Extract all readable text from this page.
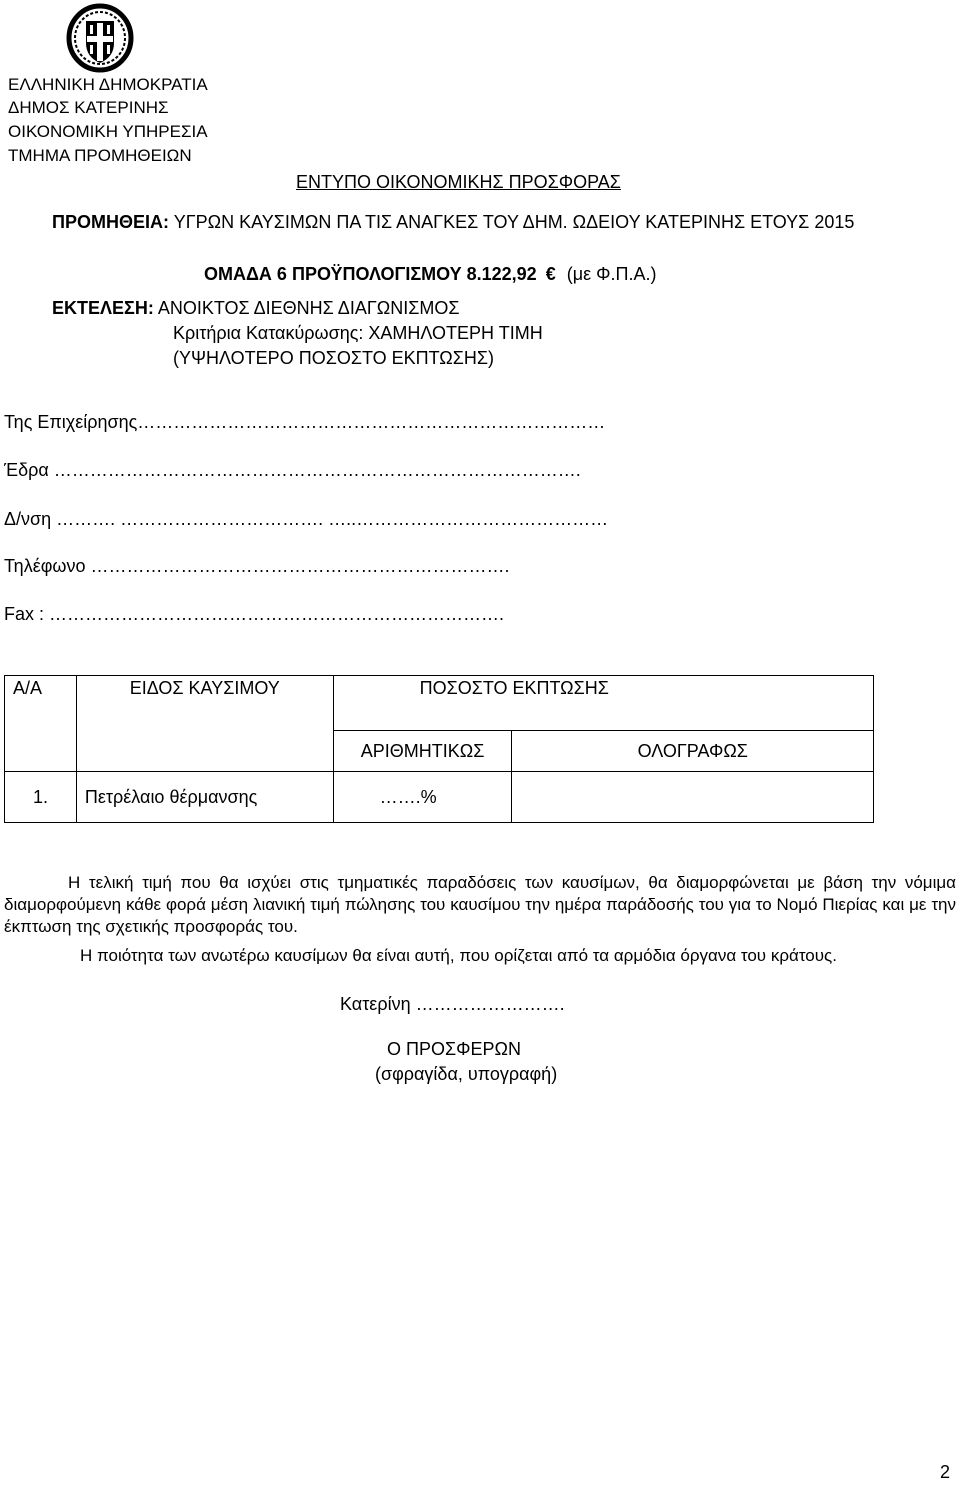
ΕΛΛΗΝΙΚΗ ΔΗΜΟΚΡΑΤΙΑ
ΔΗΜΟΣ ΚΑΤΕΡΙΝΗΣ
ΟΙΚΟΝΟΜΙΚΗ ΥΠΗΡΕΣΙΑ
ΤΜΗΜΑ ΠΡΟΜΗΘΕΙΩΝ
ΕΝΤΥΠΟ ΟΙΚΟΝΟΜΙΚΗΣ ΠΡΟΣΦΟΡΑΣ
ΠΡΟΜΗΘΕΙΑ: ΥΓΡΩΝ ΚΑΥΣΙΜΩΝ ΠΑ ΤΙΣ ΑΝΑΓΚΕΣ ΤΟΥ ΔΗΜ. ΩΔΕΙΟΥ ΚΑΤΕΡΙΝΗΣ ΕΤΟΥΣ 2015
ΟΜΑΔΑ 6 ΠΡΟΫΠΟΛΟΓΙΣΜΟΥ 8.122,92 € (με Φ.Π.Α.)
ΕΚΤΕΛΕΣΗ: ΑΝΟΙΚΤΟΣ ΔΙΕΘΝΗΣ ΔΙΑΓΩΝΙΣΜΟΣ
Κριτήρια Κατακύρωσης: ΧΑΜΗΛΟΤΕΡΗ ΤΙΜΗ
(ΥΨΗΛΟΤΕΡΟ ΠΟΣΟΣΤΟ ΕΚΠΤΩΣΗΣ)
Της Επιχείρησης……………………………………………………………………
Έδρα …………………………………………………………………………….
Δ/νση ………. ……………………………. …..……………………………………
Τηλέφωνο …………………………………………………………….
Fax : ………………………………………………………………….
Α/Α	ΕΙΔΟΣ ΚΑΥΣΙΜΟΥ	ΠΟΣΟΣΤΟ ΕΚΠΤΩΣΗΣ	
		ΑΡΙΘΜΗΤΙΚΩΣ	ΟΛΟΓΡΑΦΩΣ
1.	Πετρέλαιο θέρμανσης	…….%	
Η τελική τιμή που θα ισχύει στις τμηματικές παραδόσεις των καυσίμων, θα διαμορφώνεται με βάση την νόμιμα διαμορφούμενη κάθε φορά μέση λιανική τιμή πώλησης του καυσίμου την ημέρα παράδοσής του για το Νομό Πιερίας και με την έκπτωση της σχετικής προσφοράς του.
Η ποιότητα των ανωτέρω καυσίμων θα είναι αυτή, που ορίζεται από τα αρμόδια όργανα του κράτους.
Κατερίνη …………………….
Ο ΠΡΟΣΦΕΡΩΝ
(σφραγίδα, υπογραφή)
2
